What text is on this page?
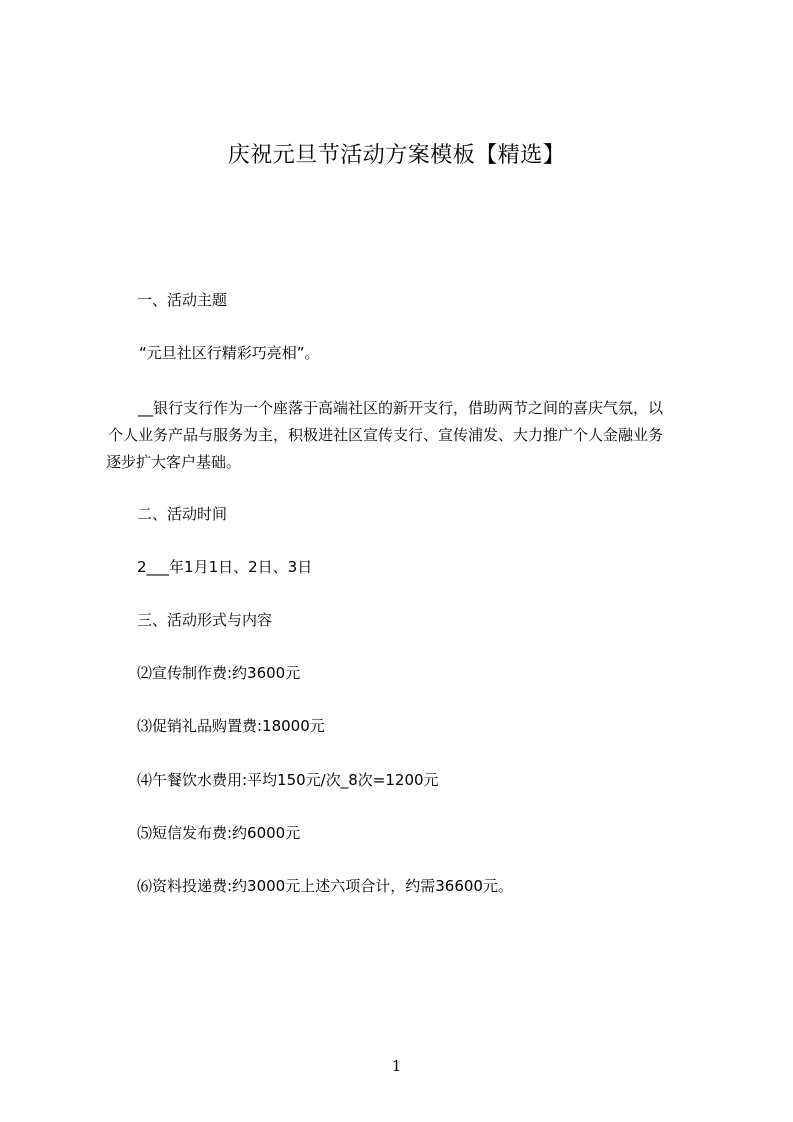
庆祝元旦节活动方案模板【精选】

一、活动主题

“元旦社区行精彩巧亮相”。

__银行支行作为一个座落于高端社区的新开支行，借助两节之间的喜庆气氛，以
个人业务产品与服务为主，积极进社区宣传支行、宣传浦发、大力推广个人金融业务
逐步扩大客户基础。

二、活动时间

2___年1月1日、2日、3日

三、活动形式与内容

⑵宣传制作费:约3600元

⑶促销礼品购置费:18000元

⑷午餐饮水费用:平均150元/次_8次=1200元

⑸短信发布费:约6000元

⑹资料投递费:约3000元上述六项合计，约需36600元。

1
